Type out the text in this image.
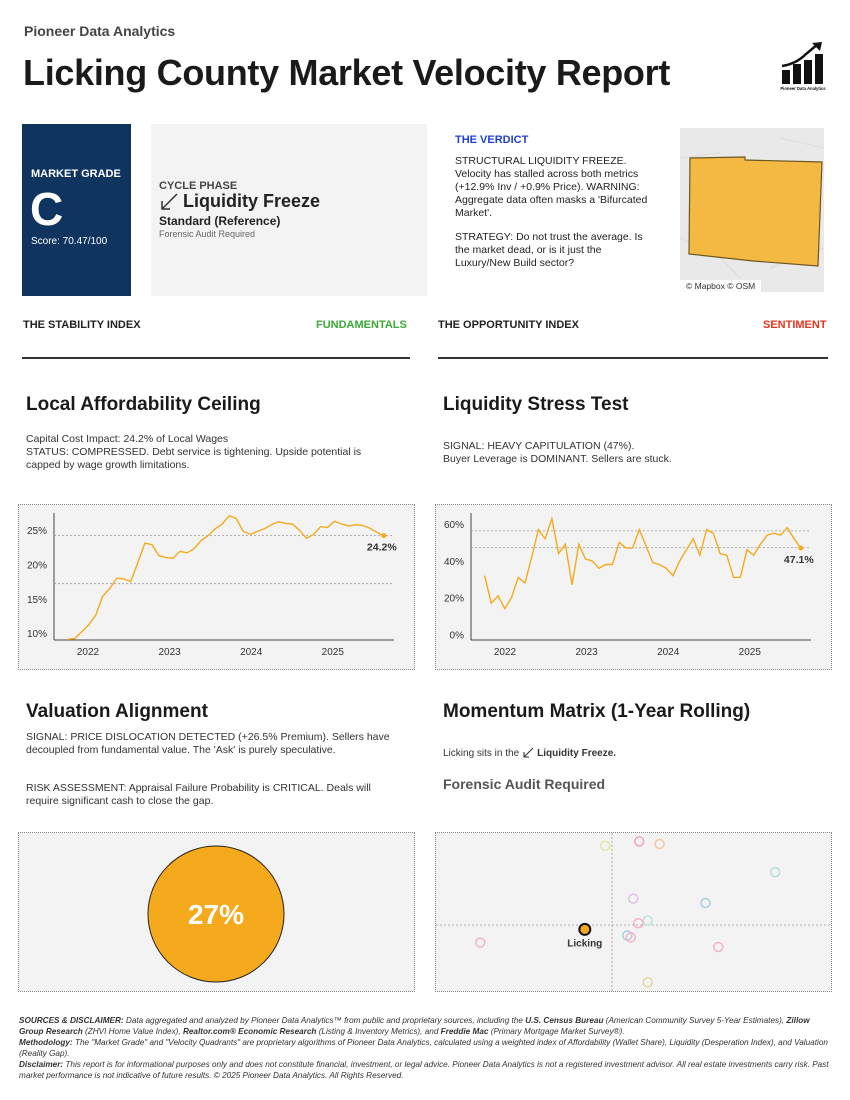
Pioneer Data Analytics
Licking County Market Velocity Report	Pioneer Data Analytics
MARKET GRADE
C
Score: 70.47/100
CYCLE PHASE
Liquidity Freeze
Standard (Reference)
Forensic Audit Required
THE VERDICT
STRUCTURAL LIQUIDITY FREEZE. Velocity has stalled across both metrics (+12.9% Inv / +0.9% Price). WARNING: Aggregate data often masks a 'Bifurcated Market'.
STRATEGY: Do not trust the average. Is the market dead, or is it just the Luxury/New Build sector?
© Mapbox © OSM
THE STABILITY INDEX	FUNDAMENTALS	THE OPPORTUNITY INDEX	SENTIMENT
Local Affordability Ceiling
Capital Cost Impact: 24.2% of Local Wages
STATUS: COMPRESSED. Debt service is tightening. Upside potential is capped by wage growth limitations.
10%
15%
20%
25%
2022	2023	2024	2025
24.2%
Liquidity Stress Test
SIGNAL: HEAVY CAPITULATION (47%).
Buyer Leverage is DOMINANT. Sellers are stuck.
0%
20%
40%
60%
2022	2023	2024	2025
47.1%
Valuation Alignment
SIGNAL: PRICE DISLOCATION DETECTED (+26.5% Premium). Sellers have decoupled from fundamental value. The 'Ask' is purely speculative.
RISK ASSESSMENT: Appraisal Failure Probability is CRITICAL. Deals will require significant cash to close the gap.
27%
Momentum Matrix (1-Year Rolling)
Licking sits in the Liquidity Freeze.
Forensic Audit Required
Licking
SOURCES & DISCLAIMER: Data aggregated and analyzed by Pioneer Data Analytics™ from public and proprietary sources, including the U.S. Census Bureau (American Community Survey 5-Year Estimates), Zillow Group Research (ZHVI Home Value Index), Realtor.com® Economic Research (Listing & Inventory Metrics), and Freddie Mac (Primary Mortgage Market Survey®).
Methodology: The "Market Grade" and "Velocity Quadrants" are proprietary algorithms of Pioneer Data Analytics, calculated using a weighted index of Affordability (Wallet Share), Liquidity (Desperation Index), and Valuation (Reality Gap).
Disclaimer: This report is for informational purposes only and does not constitute financial, investment, or legal advice. Pioneer Data Analytics is not a registered investment advisor. All real estate investments carry risk. Past market performance is not indicative of future results. © 2025 Pioneer Data Analytics. All Rights Reserved.
